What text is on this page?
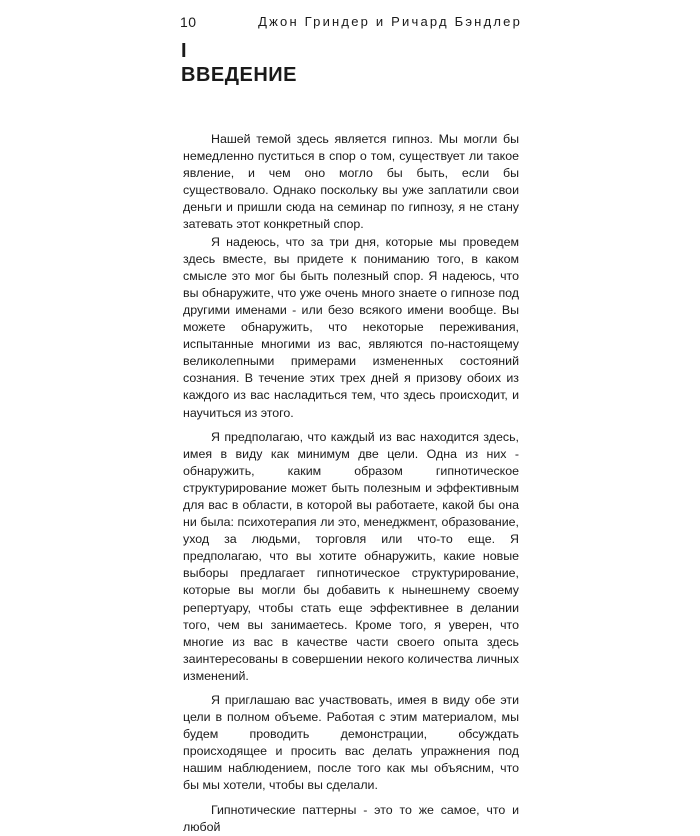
10	Джон Гриндер и Ричард Бэндлер
I
ВВЕДЕНИЕ

Нашей темой здесь является гипноз. Мы могли бы немедленно пуститься в спор о том, существует ли такое явление, и чем оно могло бы быть, если бы существовало. Однако поскольку вы уже заплатили свои деньги и пришли сюда на семинар по гипнозу, я не стану затевать этот конкретный спор.

Я надеюсь, что за три дня, которые мы проведем здесь вместе, вы придете к пониманию того, в каком смысле это мог бы быть полезный спор. Я надеюсь, что вы обнаружите, что уже очень много знаете о гипнозе под другими именами - или безо всякого имени вообще. Вы можете обнаружить, что некоторые переживания, испытанные многими из вас, являются по-настоящему великолепными примерами измененных состояний сознания. В течение этих трех дней я призову обоих из каждого из вас насладиться тем, что здесь происходит, и научиться из этого.

Я предполагаю, что каждый из вас находится здесь, имея в виду как минимум две цели. Одна из них - обнаружить, каким образом гипнотическое структурирование может быть полезным и эффективным для вас в области, в которой вы работаете, какой бы она ни была: психотерапия ли это, менеджмент, образование, уход за людьми, торговля или что-то еще. Я предполагаю, что вы хотите обнаружить, какие новые выборы предлагает гипнотическое структурирование, которые вы могли бы добавить к нынешнему своему репертуару, чтобы стать еще эффективнее в делании того, чем вы занимаетесь. Кроме того, я уверен, что многие из вас в качестве части своего опыта здесь заинтересованы в совершении некого количества личных изменений.

Я приглашаю вас участвовать, имея в виду обе эти цели в полном объеме. Работая с этим материалом, мы будем проводить демонстрации, обсуждать происходящее и просить вас делать упражнения под нашим наблюдением, после того как мы объясним, что бы мы хотели, чтобы вы сделали.

Гипнотические паттерны - это то же самое, что и любой
